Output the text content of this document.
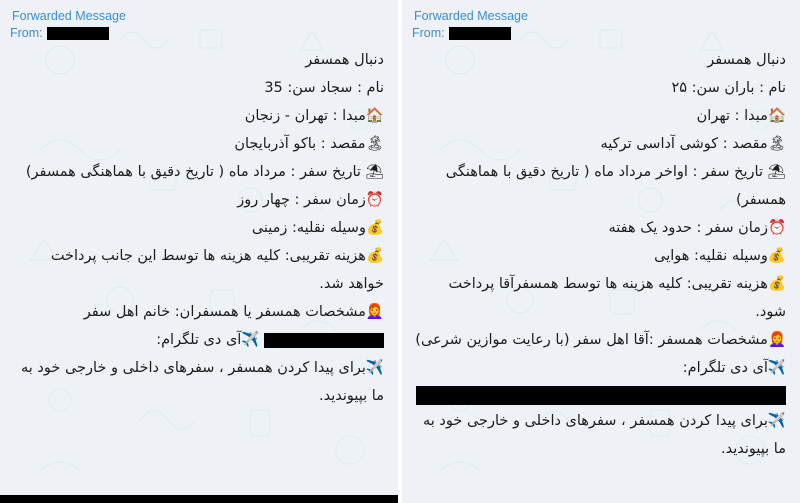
Forwarded Message
From:
دنبال همسفر
نام : سجاد سن: 35
🏠مبدا : تهران - زنجان
🏝مقصد : باکو آذربایجان
⛱ تاریخ سفر : مرداد ماه ( تاریخ دقیق با هماهنگی همسفر)
⏰زمان سفر : چهار روز
💰وسیله نقلیه: زمینی
💰هزینه تقریبی: کلیه هزینه ها توسط این جانب پرداخت خواهد شد.
👩‍🦰مشخصات همسفر یا همسفران: خانم اهل سفر
✈️آی دی تلگرام:
✈️برای پیدا کردن همسفر ، سفرهای داخلی و خارجی خود به ما بپیوندید.
Forwarded Message
From:
دنبال همسفر
نام : باران سن: ۲۵
🏠مبدا : تهران
🏝مقصد : کوشی آداسی ترکیه
⛱ تاریخ سفر : اواخر مرداد ماه ( تاریخ دقیق با هماهنگی همسفر)
⏰زمان سفر : حدود یک هفته
💰وسیله نقلیه: هوایی
💰هزینه تقریبی: کلیه هزینه ها توسط همسفرآقا پرداخت شود.
👩‍🦰مشخصات همسفر :آقا اهل سفر (با رعایت موازین شرعی)
✈️آی دی تلگرام:
✈️برای پیدا کردن همسفر ، سفرهای داخلی و خارجی خود به ما بپیوندید.
